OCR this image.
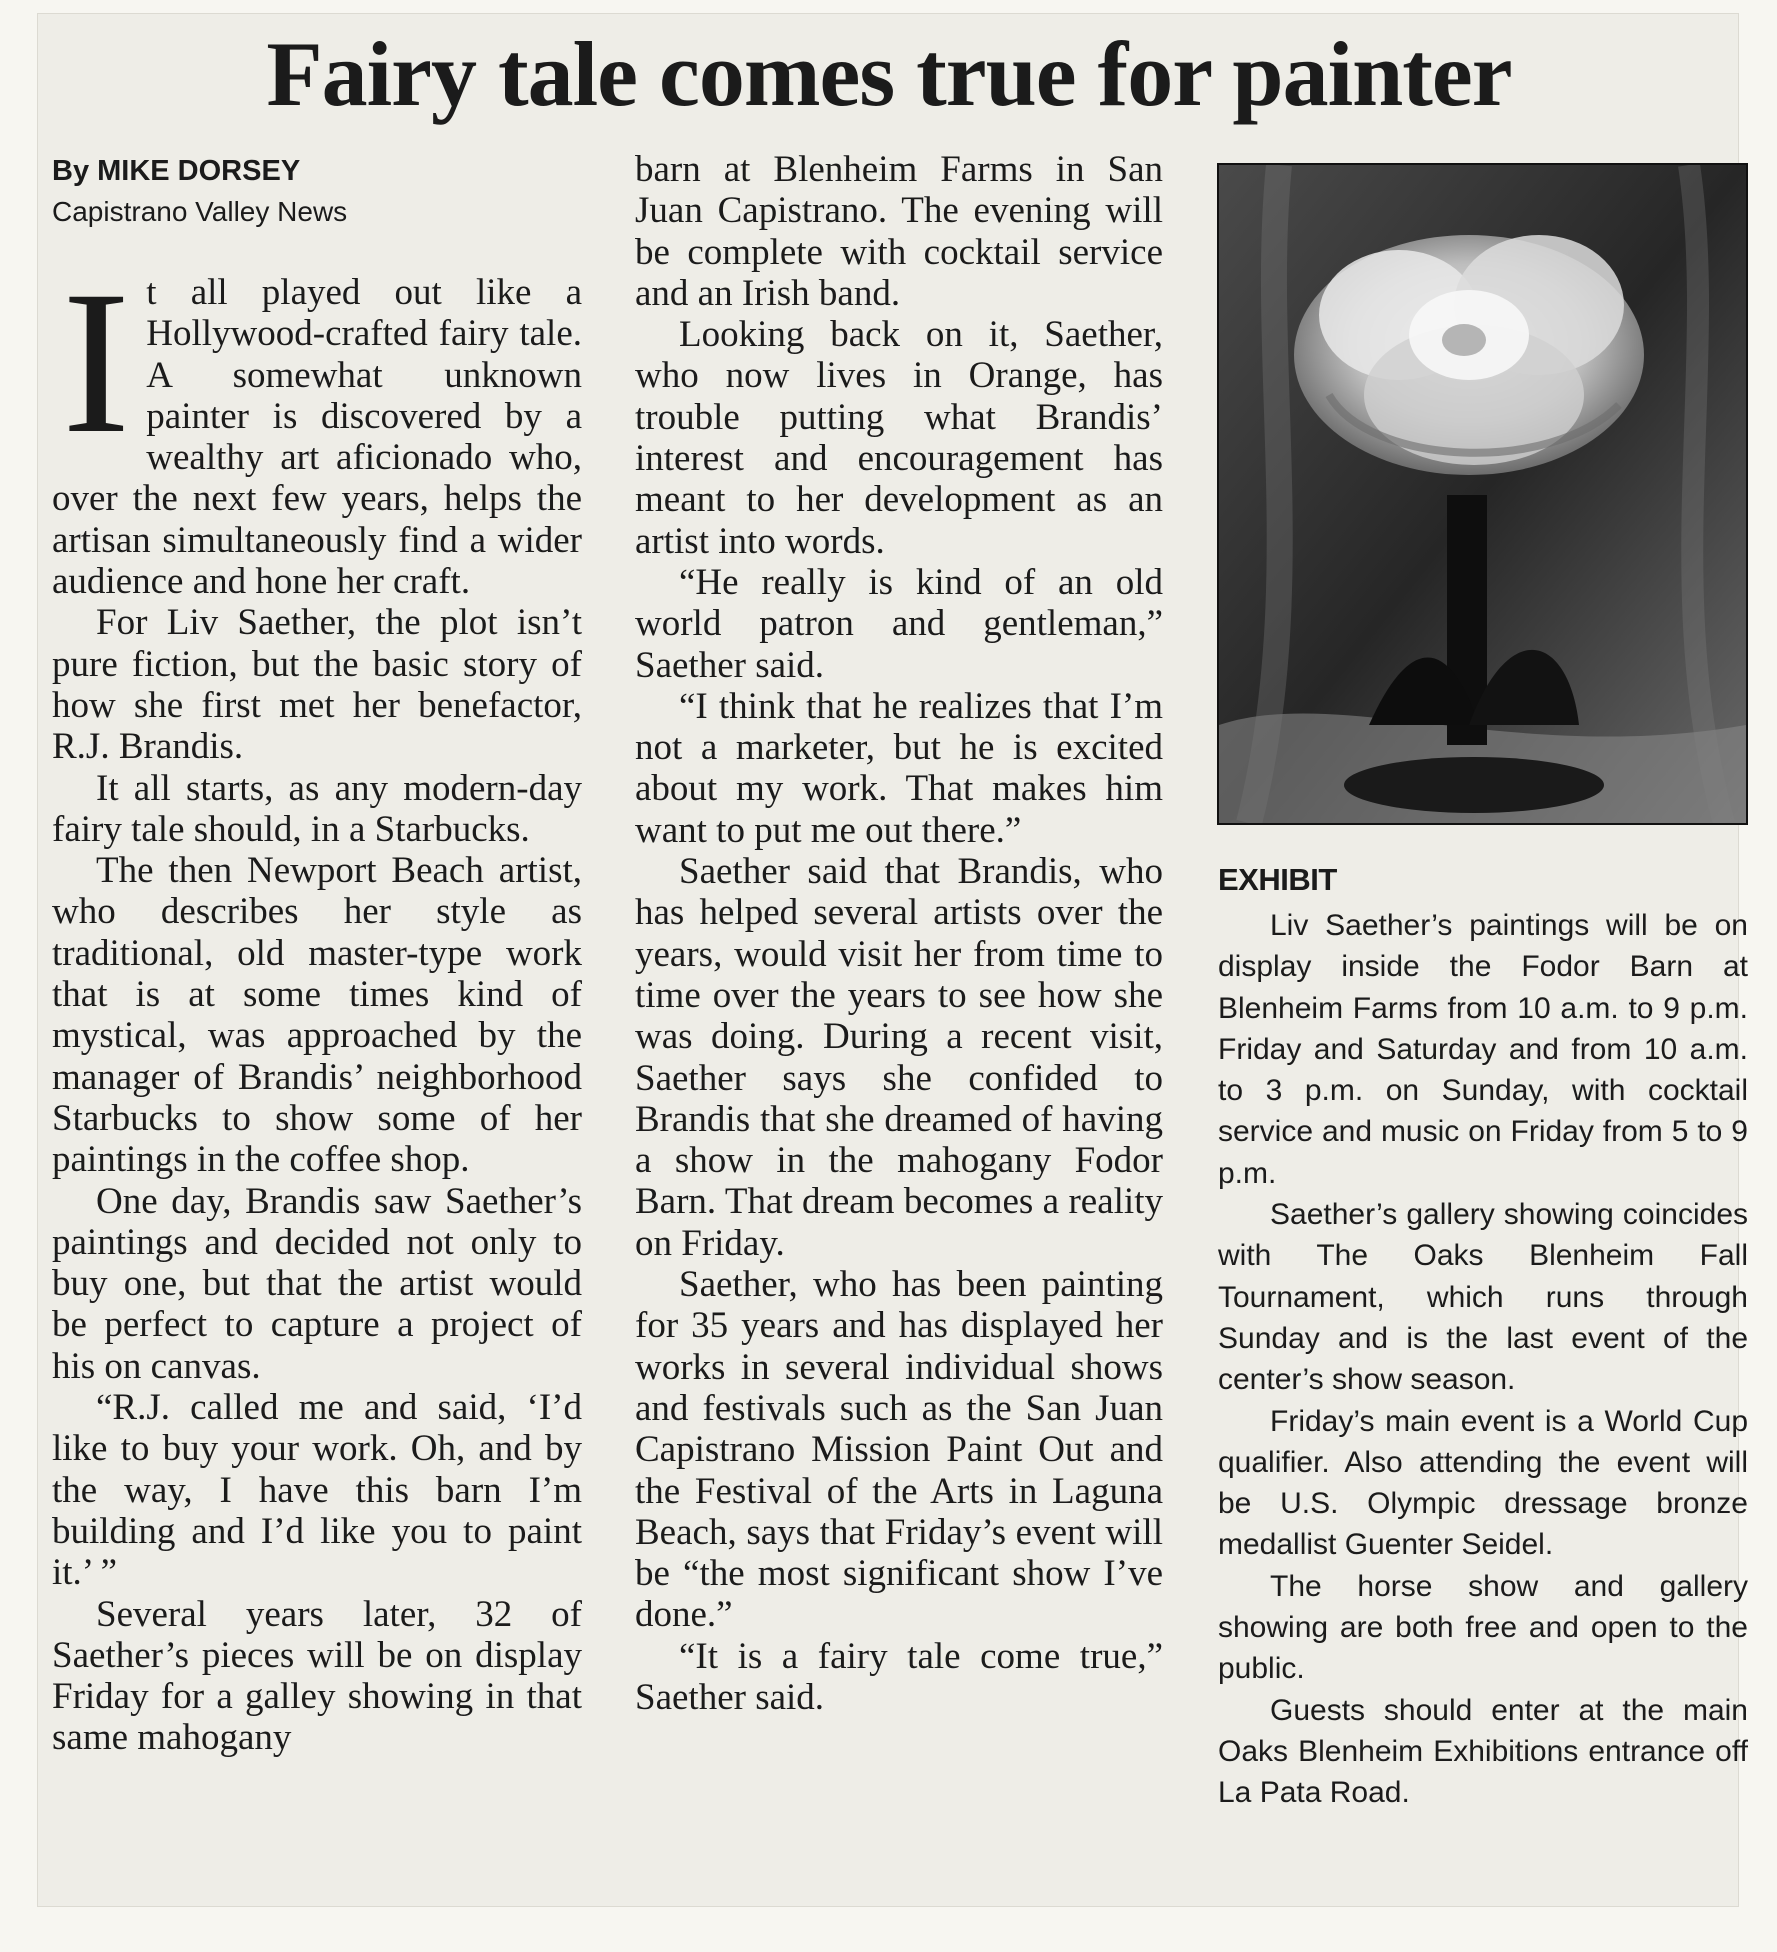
Fairy tale comes true for painter
By MIKE DORSEY
Capistrano Valley News

It all played out like a Hollywood-crafted fairy tale. A somewhat unknown painter is discovered by a wealthy art aficionado who, over the next few years, helps the artisan simultaneously find a wider audience and hone her craft.

For Liv Saether, the plot isn’t pure fiction, but the basic story of how she first met her benefactor, R.J. Brandis.

It all starts, as any modern-day fairy tale should, in a Starbucks.

The then Newport Beach artist, who describes her style as traditional, old master-type work that is at some times kind of mystical, was approached by the manager of Brandis’ neighborhood Starbucks to show some of her paintings in the coffee shop.

One day, Brandis saw Saether’s paintings and decided not only to buy one, but that the artist would be perfect to capture a project of his on canvas.

“R.J. called me and said, ‘I’d like to buy your work. Oh, and by the way, I have this barn I’m building and I’d like you to paint it.’ ”

Several years later, 32 of Saether’s pieces will be on display Friday for a galley showing in that same mahogany

barn at Blenheim Farms in San Juan Capistrano. The evening will be complete with cocktail service and an Irish band.

Looking back on it, Saether, who now lives in Orange, has trouble putting what Brandis’ interest and encouragement has meant to her development as an artist into words.

“He really is kind of an old world patron and gentleman,” Saether said.

“I think that he realizes that I’m not a marketer, but he is excited about my work. That makes him want to put me out there.”

Saether said that Brandis, who has helped several artists over the years, would visit her from time to time over the years to see how she was doing. During a recent visit, Saether says she confided to Brandis that she dreamed of having a show in the mahogany Fodor Barn. That dream becomes a reality on Friday.

Saether, who has been painting for 35 years and has displayed her works in several individual shows and festivals such as the San Juan Capistrano Mission Paint Out and the Festival of the Arts in Laguna Beach, says that Friday’s event will be “the most significant show I’ve done.”

“It is a fairy tale come true,” Saether said.

EXHIBIT

Liv Saether’s paintings will be on display inside the Fodor Barn at Blenheim Farms from 10 a.m. to 9 p.m. Friday and Saturday and from 10 a.m. to 3 p.m. on Sunday, with cocktail service and music on Friday from 5 to 9 p.m.

Saether’s gallery showing coincides with The Oaks Blenheim Fall Tournament, which runs through Sunday and is the last event of the center’s show season.

Friday’s main event is a World Cup qualifier. Also attending the event will be U.S. Olympic dressage bronze medallist Guenter Seidel.

The horse show and gallery showing are both free and open to the public.

Guests should enter at the main Oaks Blenheim Exhibitions entrance off La Pata Road.
